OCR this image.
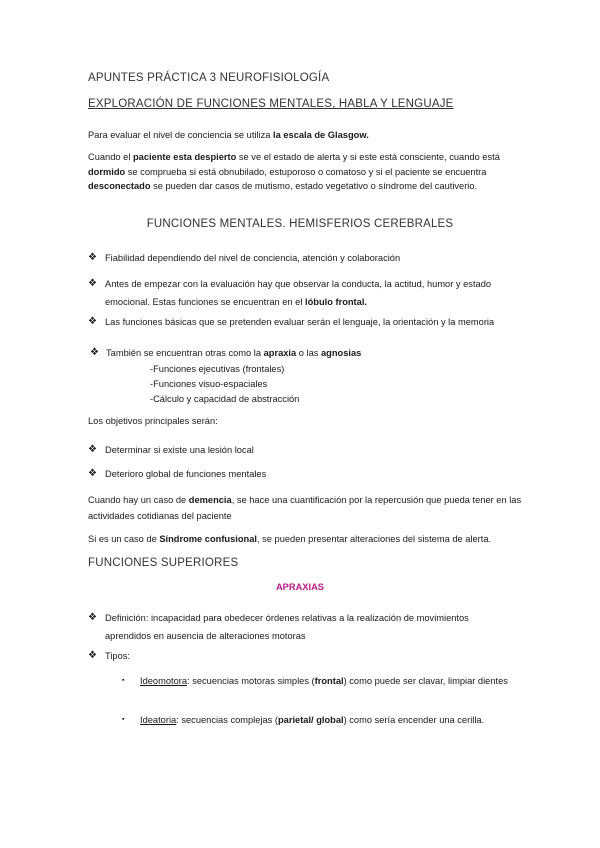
APUNTES PRÁCTICA 3 NEUROFISIOLOGÍA
EXPLORACIÓN DE FUNCIONES MENTALES, HABLA Y LENGUAJE
Para evaluar el nivel de conciencia se utiliza la escala de Glasgow.
Cuando el paciente esta despierto se ve el estado de alerta y si este está consciente, cuando está dormido se comprueba si está obnubilado, estuporoso o comatoso y si el paciente se encuentra desconectado se pueden dar casos de mutismo, estado vegetativo o síndrome del cautiverio.
FUNCIONES MENTALES. HEMISFERIOS CEREBRALES
❖ Fiabilidad dependiendo del nivel de conciencia, atención y colaboración
❖ Antes de empezar con la evaluación hay que observar la conducta, la actitud, humor y estado emocional. Estas funciones se encuentran en el lóbulo frontal.
❖ Las funciones básicas que se pretenden evaluar serán el lenguaje, la orientación y la memoria
❖ También se encuentran otras como la apraxia o las agnosias
-Funciones ejecutivas (frontales)
-Funciones visuo-espaciales
-Cálculo y capacidad de abstracción
Los objetivos principales serán:
❖ Determinar si existe una lesión local
❖ Deterioro global de funciones mentales
Cuando hay un caso de demencia, se hace una cuantificación por la repercusión que pueda tener en las actividades cotidianas del paciente
Si es un caso de Síndrome confusional, se pueden presentar alteraciones del sistema de alerta.
FUNCIONES SUPERIORES
APRAXIAS
❖ Definición: incapacidad para obedecer órdenes relativas a la realización de movimientos aprendidos en ausencia de alteraciones motoras
❖ Tipos:
▪ Ideomotora: secuencias motoras simples (frontal) como puede ser clavar, limpiar dientes
▪ Ideatoria: secuencias complejas (parietal/ global) como sería encender una cerilla.
